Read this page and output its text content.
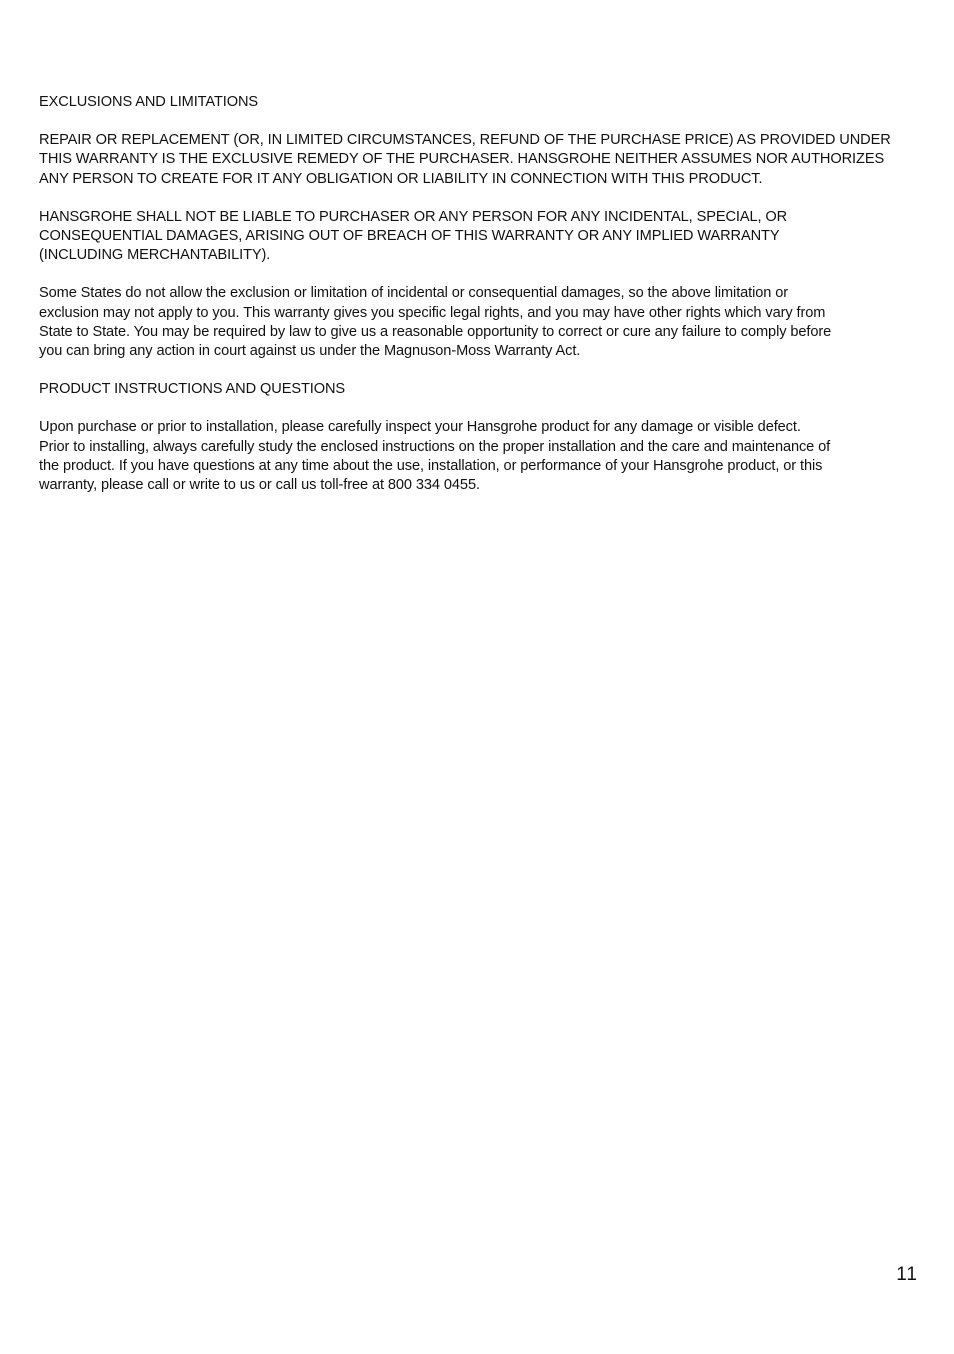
EXCLUSIONS AND LIMITATIONS

REPAIR OR REPLACEMENT (OR, IN LIMITED CIRCUMSTANCES, REFUND OF THE PURCHASE PRICE) AS PROVIDED UNDER
THIS WARRANTY IS THE EXCLUSIVE REMEDY OF THE PURCHASER. HANSGROHE NEITHER ASSUMES NOR AUTHORIZES
ANY PERSON TO CREATE FOR IT ANY OBLIGATION OR LIABILITY IN CONNECTION WITH THIS PRODUCT.

HANSGROHE SHALL NOT BE LIABLE TO PURCHASER OR ANY PERSON FOR ANY INCIDENTAL, SPECIAL, OR
CONSEQUENTIAL DAMAGES, ARISING OUT OF BREACH OF THIS WARRANTY OR ANY IMPLIED WARRANTY
(INCLUDING MERCHANTABILITY).

Some States do not allow the exclusion or limitation of incidental or consequential damages, so the above limitation or
exclusion may not apply to you. This warranty gives you specific legal rights, and you may have other rights which vary from
State to State. You may be required by law to give us a reasonable opportunity to correct or cure any failure to comply before
you can bring any action in court against us under the Magnuson-Moss Warranty Act.

PRODUCT INSTRUCTIONS AND QUESTIONS

Upon purchase or prior to installation, please carefully inspect your Hansgrohe product for any damage or visible defect.
Prior to installing, always carefully study the enclosed instructions on the proper installation and the care and maintenance of
the product. If you have questions at any time about the use, installation, or performance of your Hansgrohe product, or this
warranty, please call or write to us or call us toll-free at 800 334 0455.

11
